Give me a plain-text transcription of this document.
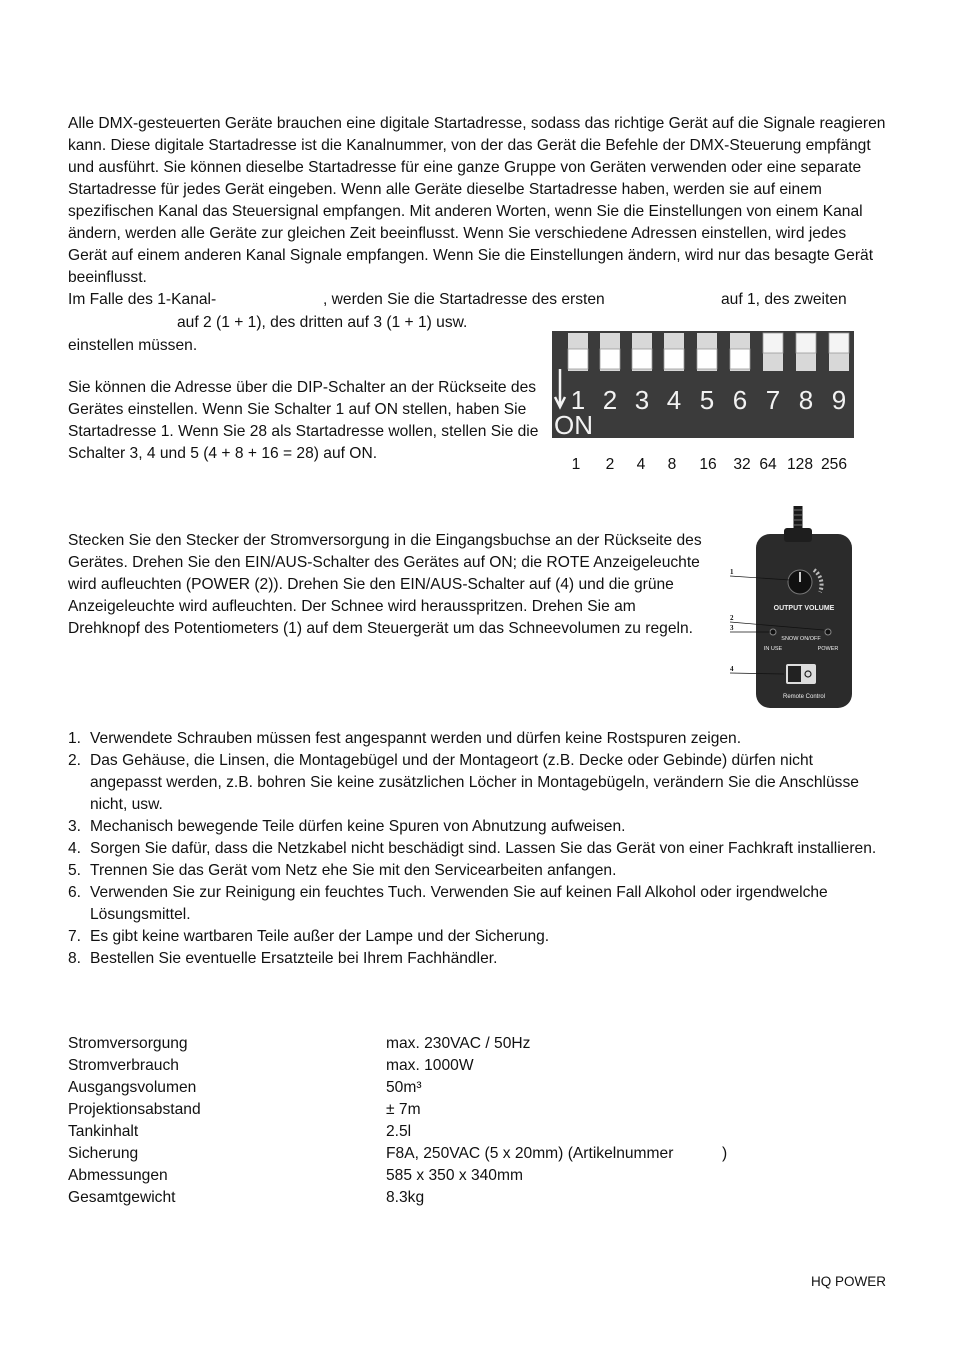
Alle DMX-gesteuerten Geräte brauchen eine digitale Startadresse, sodass das richtige Gerät auf die Signale reagieren kann. Diese digitale Startadresse ist die Kanalnummer, von der das Gerät die Befehle der DMX-Steuerung empfängt und ausführt. Sie können dieselbe Startadresse für eine ganze Gruppe von Geräten verwenden oder eine separate Startadresse für jedes Gerät eingeben. Wenn alle Geräte dieselbe Startadresse haben, werden sie auf einem spezifischen Kanal das Steuersignal empfangen. Mit anderen Worten, wenn Sie die Einstellungen von einem Kanal ändern, werden alle Geräte zur gleichen Zeit beeinflusst. Wenn Sie verschiedene Adressen einstellen, wird jedes Gerät auf einem anderen Kanal Signale empfangen. Wenn Sie die Einstellungen ändern, wird nur das besagte Gerät beeinflusst.
Im Falle des 1-Kanal-	, werden Sie die Startadresse des ersten	auf 1, des zweiten
auf 2 (1 + 1), des dritten auf 3 (1 + 1) usw.
einstellen müssen.
Sie können die Adresse über die DIP-Schalter an der Rückseite des Gerätes einstellen. Wenn Sie Schalter 1 auf ON stellen, haben Sie Startadresse 1. Wenn Sie 28 als Startadresse wollen, stellen Sie die Schalter 3, 4 und 5 (4 + 8 + 16 = 28) auf ON.
1 2 3 4 5 6 7 8 9
ON
1 2 4 8 16 32 64 128 256
Stecken Sie den Stecker der Stromversorgung in die Eingangsbuchse an der Rückseite des Gerätes. Drehen Sie den EIN/AUS-Schalter des Gerätes auf ON; die ROTE Anzeigeleuchte wird aufleuchten (POWER (2)). Drehen Sie den EIN/AUS-Schalter auf (4) und die grüne Anzeigeleuchte wird aufleuchten. Der Schnee wird herausspritzen. Drehen Sie am Drehknopf des Potentiometers (1) auf dem Steuergerät um das Schneevolumen zu regeln.
OUTPUT VOLUME
IN USE
SNOW ON/OFF
POWER
Remote Control
1
2
3
4
1. Verwendete Schrauben müssen fest angespannt werden und dürfen keine Rostspuren zeigen.
2. Das Gehäuse, die Linsen, die Montagebügel und der Montageort (z.B. Decke oder Gebinde) dürfen nicht angepasst werden, z.B. bohren Sie keine zusätzlichen Löcher in Montagebügeln, verändern Sie die Anschlüsse nicht, usw.
3. Mechanisch bewegende Teile dürfen keine Spuren von Abnutzung aufweisen.
4. Sorgen Sie dafür, dass die Netzkabel nicht beschädigt sind. Lassen Sie das Gerät von einer Fachkraft installieren.
5. Trennen Sie das Gerät vom Netz ehe Sie mit den Servicearbeiten anfangen.
6. Verwenden Sie zur Reinigung ein feuchtes Tuch. Verwenden Sie auf keinen Fall Alkohol oder irgendwelche Lösungsmittel.
7. Es gibt keine wartbaren Teile außer der Lampe und der Sicherung.
8. Bestellen Sie eventuelle Ersatzteile bei Ihrem Fachhändler.
Stromversorgung	max. 230VAC / 50Hz
Stromverbrauch	max. 1000W
Ausgangsvolumen	50m³
Projektionsabstand	± 7m
Tankinhalt	2.5l
Sicherung	F8A, 250VAC (5 x 20mm) (Artikelnummer	)
Abmessungen	585 x 350 x 340mm
Gesamtgewicht	8.3kg
HQ POWER
